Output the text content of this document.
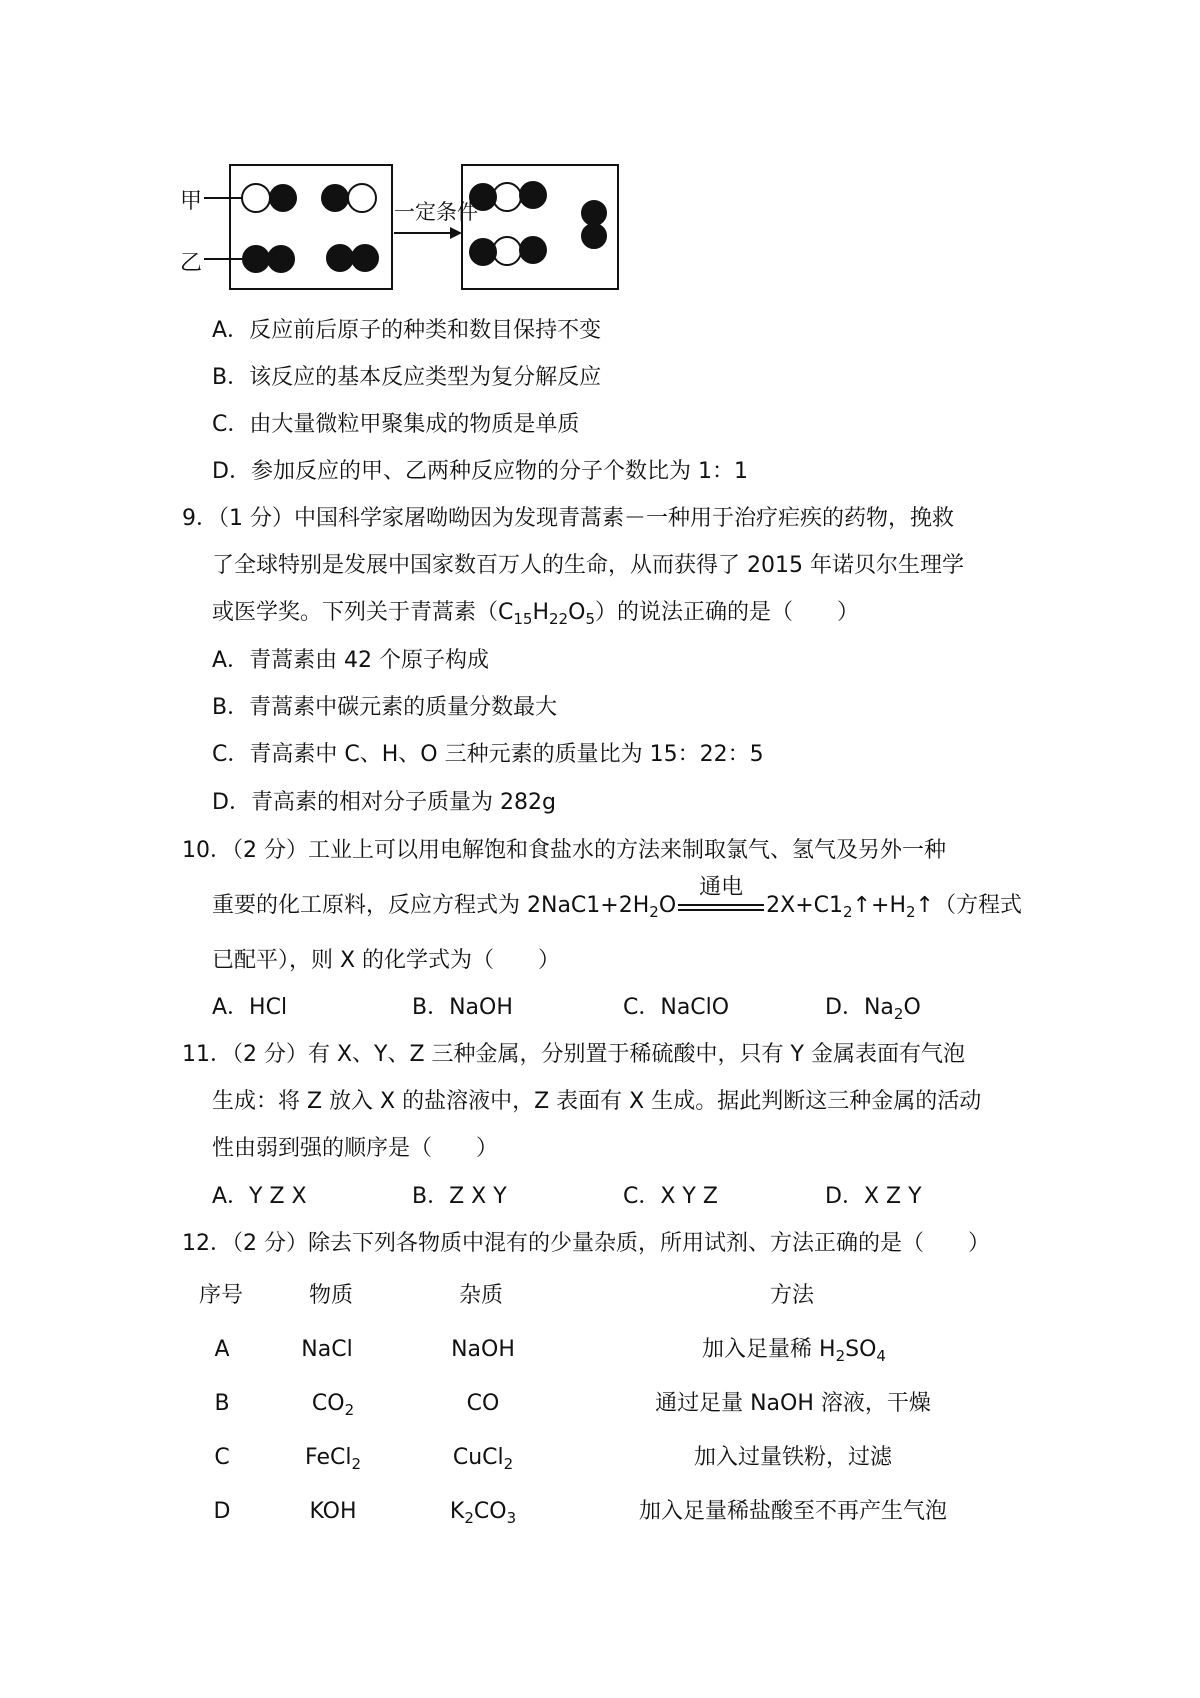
甲
乙
一定条件
A．反应前后原子的种类和数目保持不变
B．该反应的基本反应类型为复分解反应
C．由大量微粒甲聚集成的物质是单质
D．参加反应的甲、乙两种反应物的分子个数比为 1：1
9．（1 分）中国科学家屠呦呦因为发现青蒿素－一种用于治疗疟疾的药物，挽救
了全球特别是发展中国家数百万人的生命，从而获得了 2015 年诺贝尔生理学
或医学奖。下列关于青蒿素$(C_{15}H_{22}O_5)$的说法正确的是（　　）
A．青蒿素由 42 个原子构成
B．青蒿素中碳元素的质量分数最大
C．青高素中 C、H、O 三种元素的质量比为 15：22：5
D．青高素的相对分子质量为 282g
10．（2 分）工业上可以用电解饱和食盐水的方法来制取氯气、氢气及另外一种
重要的化工原料，反应方程式为 $2NaC1+2H_2O$
通电
$2X+C1_2↑+H_2↑$（方程式
已配平），则 X 的化学式为（　　）
A．HCl	B．NaOH	C．NaClO	D．$Na_2O$
11．（2 分）有 X、Y、Z 三种金属，分别置于稀硫酸中，只有 Y 金属表面有气泡
生成：将 Z 放入 X 的盐溶液中，Z 表面有 X 生成。据此判断这三种金属的活动
性由弱到强的顺序是（　　）
A．Y Z X	B．Z X Y	C．X Y Z	D．X Z Y
12．（2 分）除去下列各物质中混有的少量杂质，所用试剂、方法正确的是（　　）
序号	物质	杂质	方法
A	NaCl	NaOH	加入足量稀 $H_2SO_4$
B	$CO_2$	CO	通过足量 NaOH 溶液，干燥
C	FeCl$_2$	CuCl$_2$	加入过量铁粉，过滤
D	KOH	$K_2CO_3$	加入足量稀盐酸至不再产生气泡
